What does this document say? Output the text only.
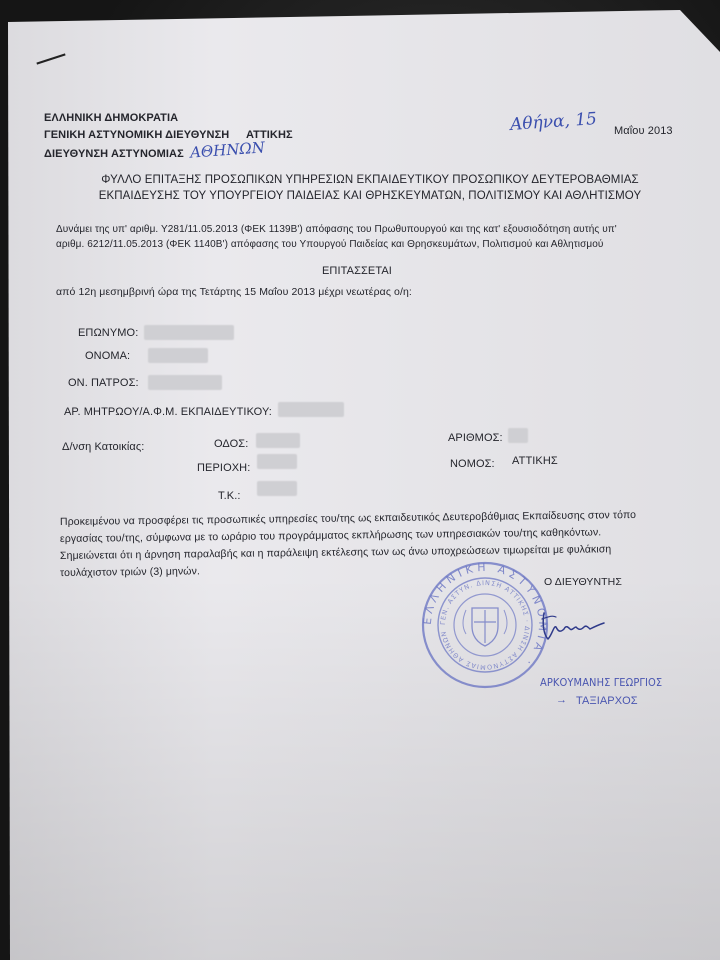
ΕΛΛΗΝΙΚΗ ΔΗΜΟΚΡΑΤΙΑ
ΓΕΝΙΚΗ ΑΣΤΥΝΟΜΙΚΗ ΔΙΕΥΘΥΝΣΗ ΑΤΤΙΚΗΣ
ΔΙΕΥΘΥΝΣΗ ΑΣΤΥΝΟΜΙΑΣ ΑΘΗΝΩΝ
Αθήνα, 15 Μαΐου 2013
ΦΥΛΛΟ ΕΠΙΤΑΞΗΣ ΠΡΟΣΩΠΙΚΩΝ ΥΠΗΡΕΣΙΩΝ ΕΚΠΑΙΔΕΥΤΙΚΟΥ ΠΡΟΣΩΠΙΚΟΥ ΔΕΥΤΕΡΟΒΑΘΜΙΑΣ
ΕΚΠΑΙΔΕΥΣΗΣ ΤΟΥ ΥΠΟΥΡΓΕΙΟΥ ΠΑΙΔΕΙΑΣ ΚΑΙ ΘΡΗΣΚΕΥΜΑΤΩΝ, ΠΟΛΙΤΙΣΜΟΥ ΚΑΙ ΑΘΛΗΤΙΣΜΟΥ
Δυνάμει της υπ' αριθμ. Υ281/11.05.2013 (ΦΕΚ 1139Β') απόφασης του Πρωθυπουργού και της κατ' εξουσιοδότηση αυτής υπ'
αριθμ. 6212/11.05.2013 (ΦΕΚ 1140Β') απόφασης του Υπουργού Παιδείας και Θρησκευμάτων, Πολιτισμού και Αθλητισμού
ΕΠΙΤΑΣΣΕΤΑΙ
από 12η μεσημβρινή ώρα της Τετάρτης 15 Μαΐου 2013 μέχρι νεωτέρας ο/η:
ΕΠΩΝΥΜΟ:
ΟΝΟΜΑ:
ΟΝ. ΠΑΤΡΟΣ:
ΑΡ. ΜΗΤΡΩΟΥ/Α.Φ.Μ. ΕΚΠΑΙΔΕΥΤΙΚΟΥ:
Δ/νση Κατοικίας:	ΟΔΟΣ:	ΑΡΙΘΜΟΣ:
ΠΕΡΙΟΧΗ:	ΝΟΜΟΣ: ΑΤΤΙΚΗΣ
Τ.Κ.:
Προκειμένου να προσφέρει τις προσωπικές υπηρεσίες του/της ως εκπαιδευτικός Δευτεροβάθμιας Εκπαίδευσης στον τόπο
εργασίας του/της, σύμφωνα με το ωράριο του προγράμματος εκπλήρωσης των υπηρεσιακών του/της καθηκόντων.
Σημειώνεται ότι η άρνηση παραλαβής και η παράλειψη εκτέλεσης των ως άνω υποχρεώσεων τιμωρείται με φυλάκιση
τουλάχιστον τριών (3) μηνών.
ΕΛΛΗΝΙΚΗ ΑΣΤΥΝΟΜΙΑ ·
ΓΕΝ. ΑΣΤΥΝ. ΔΙΝΣΗ ΑΤΤΙΚΗΣ · ΔΙΝΣΗ ΑΣΤΥΝΟΜΙΑΣ ΑΘΗΝΩΝ
Ο ΔΙΕΥΘΥΝΤΗΣ
ΑΡΚΟΥΜΑΝΗΣ ΓΕΩΡΓΙΟΣ
ΤΑΞΙΑΡΧΟΣ
→
